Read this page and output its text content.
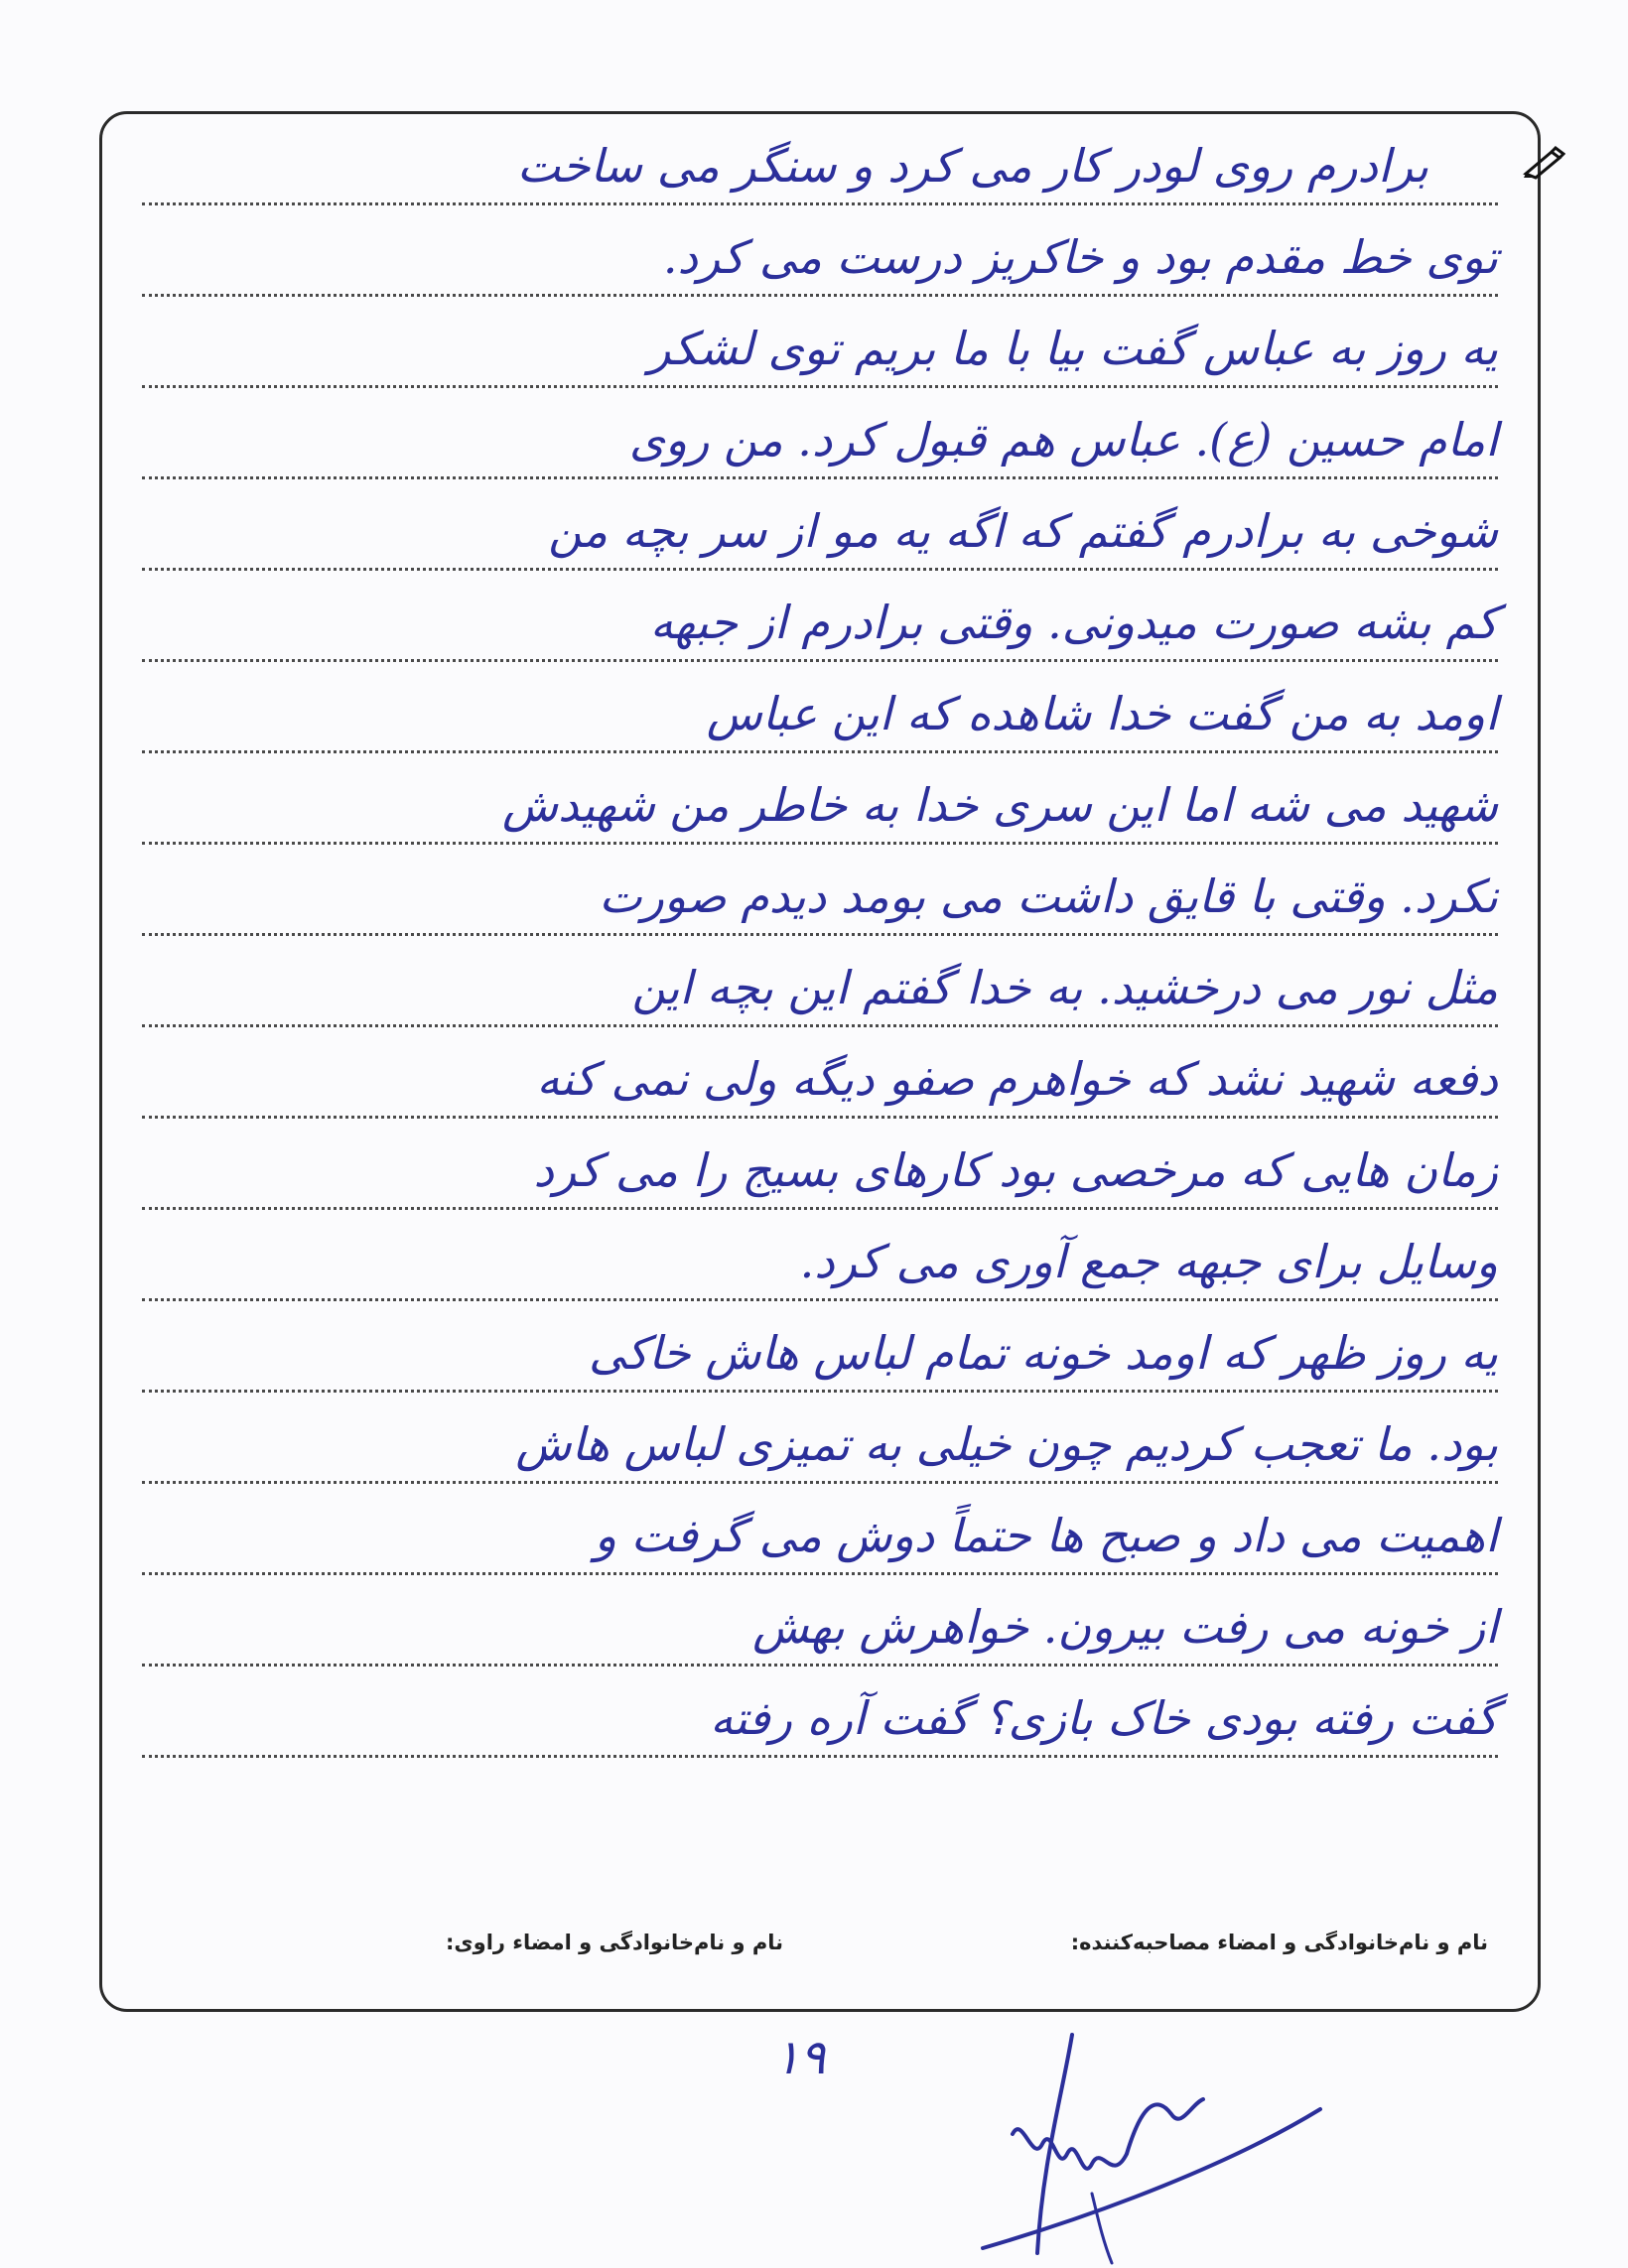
برادرم روی لودر کار می کرد و سنگر می ساخت
توی خط مقدم بود و خاکریز درست می کرد.
یه روز به عباس گفت بیا با ما بریم توی لشکر
امام حسین (ع). عباس هم قبول کرد. من روی
شوخی به برادرم گفتم که اگه یه مو از سر بچه من
کم بشه صورت میدونی. وقتی برادرم از جبهه
اومد به من گفت خدا شاهده که این عباس
شهید می شه اما این سری خدا به خاطر من شهیدش
نکرد. وقتی با قایق داشت می بومد دیدم صورت
مثل نور می درخشید. به خدا گفتم این بچه این
دفعه شهید نشد که خواهرم صفو دیگه ولی نمی کنه
زمان هایی که مرخصی بود کارهای بسیج را می کرد
وسایل برای جبهه جمع آوری می کرد.
یه روز ظهر که اومد خونه تمام لباس هاش خاکی
بود. ما تعجب کردیم چون خیلی به تمیزی لباس هاش
اهمیت می داد و صبح ها حتماً دوش می گرفت و
از خونه می رفت بیرون. خواهرش بهش
گفت رفته بودی خاک بازی؟ گفت آره رفته
نام و نام‌خانوادگی و امضاء مصاحبه‌کننده:
نام و نام‌خانوادگی و امضاء راوی:
۱۹
